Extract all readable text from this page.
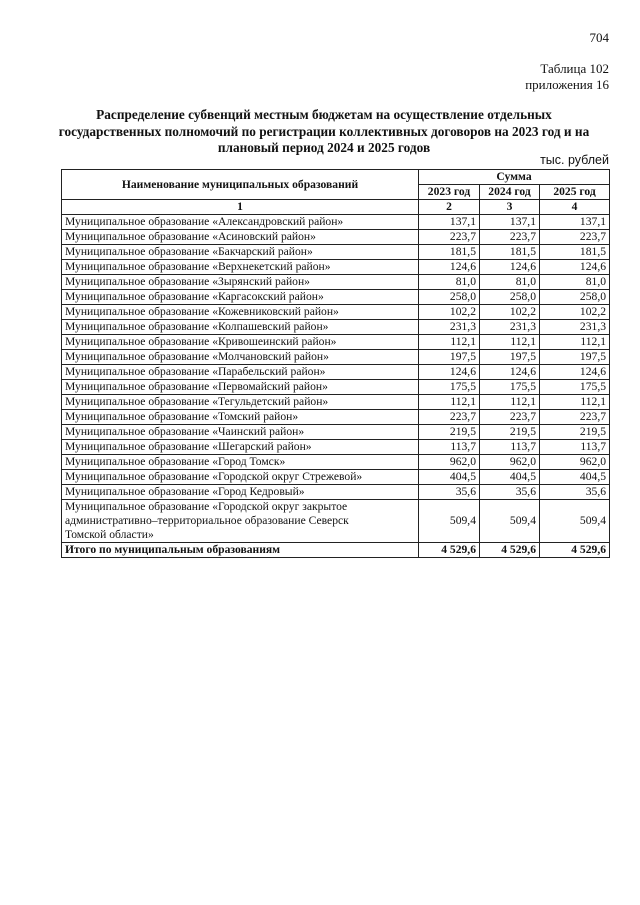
704
Таблица 102
приложения 16
Распределение субвенций местным бюджетам на осуществление отдельных государственных полномочий по регистрации коллективных договоров на 2023 год и на плановый период 2024 и 2025 годов
тыс. рублей
Наименование муниципальных образований	Сумма		
	2023 год	2024 год	2025 год
1	2	3	4
Муниципальное образование «Александровский район»	137,1	137,1	137,1
Муниципальное образование «Асиновский район»	223,7	223,7	223,7
Муниципальное образование «Бакчарский район»	181,5	181,5	181,5
Муниципальное образование «Верхнекетский район»	124,6	124,6	124,6
Муниципальное образование «Зырянский район»	81,0	81,0	81,0
Муниципальное образование «Каргасокский район»	258,0	258,0	258,0
Муниципальное образование «Кожевниковский район»	102,2	102,2	102,2
Муниципальное образование «Колпашевский район»	231,3	231,3	231,3
Муниципальное образование «Кривошеинский район»	112,1	112,1	112,1
Муниципальное образование «Молчановский район»	197,5	197,5	197,5
Муниципальное образование «Парабельский район»	124,6	124,6	124,6
Муниципальное образование «Первомайский район»	175,5	175,5	175,5
Муниципальное образование «Тегульдетский район»	112,1	112,1	112,1
Муниципальное образование «Томский район»	223,7	223,7	223,7
Муниципальное образование «Чаинский район»	219,5	219,5	219,5
Муниципальное образование «Шегарский район»	113,7	113,7	113,7
Муниципальное образование «Город Томск»	962,0	962,0	962,0
Муниципальное образование «Городской округ Стрежевой»	404,5	404,5	404,5
Муниципальное образование «Город Кедровый»	35,6	35,6	35,6

Муниципальное образование «Городской округ закрытое
административно–территориальное образование Северск
Томской области»	509,4	509,4	509,4
Итого по муниципальным образованиям	4 529,6	4 529,6	4 529,6
